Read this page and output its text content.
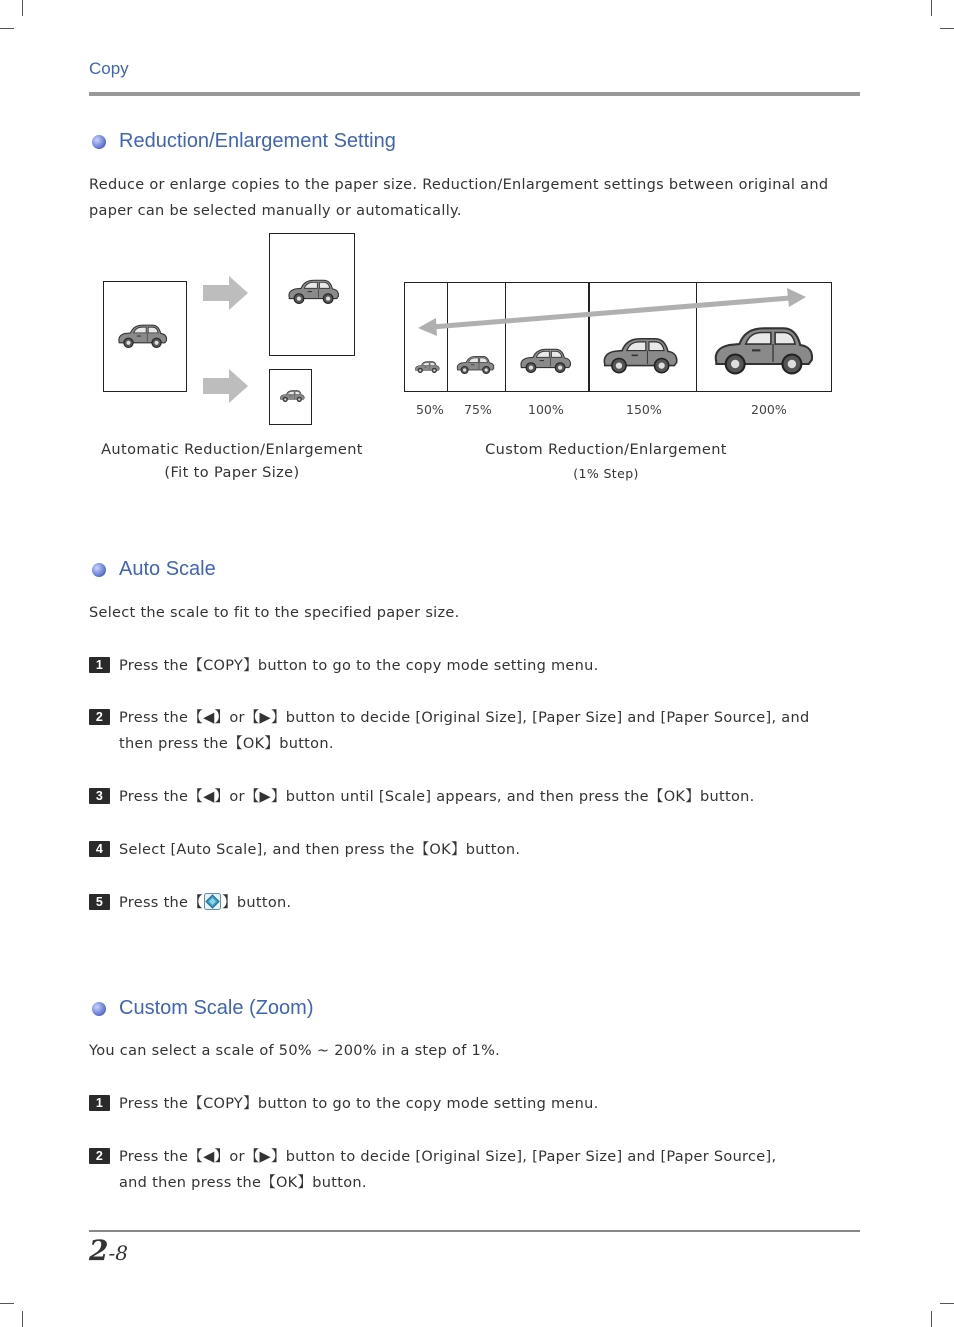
Copy
Reduction/Enlargement Setting
Reduce or enlarge copies to the paper size. Reduction/Enlargement settings between original and
paper can be selected manually or automatically.
50% 75%	100%	150%	200%
Automatic Reduction/Enlargement
(Fit to Paper Size)
Custom Reduction/Enlargement
(1% Step)
Auto Scale
Select the scale to fit to the specified paper size.
1 Press the【COPY】button to go to the copy mode setting menu.
2 Press the【◀】or【▶】button to decide [Original Size], [Paper Size] and [Paper Source], and
then press the【OK】button.
3 Press the【◀】or【▶】button until [Scale] appears, and then press the【OK】button.
4 Select [Auto Scale], and then press the【OK】button.
5 Press the【 】button.
Custom Scale (Zoom)
You can select a scale of 50% ~ 200% in a step of 1%.
1 Press the【COPY】button to go to the copy mode setting menu.
2 Press the【◀】or【▶】button to decide [Original Size], [Paper Size] and [Paper Source],
and then press the【OK】button.
2-8
